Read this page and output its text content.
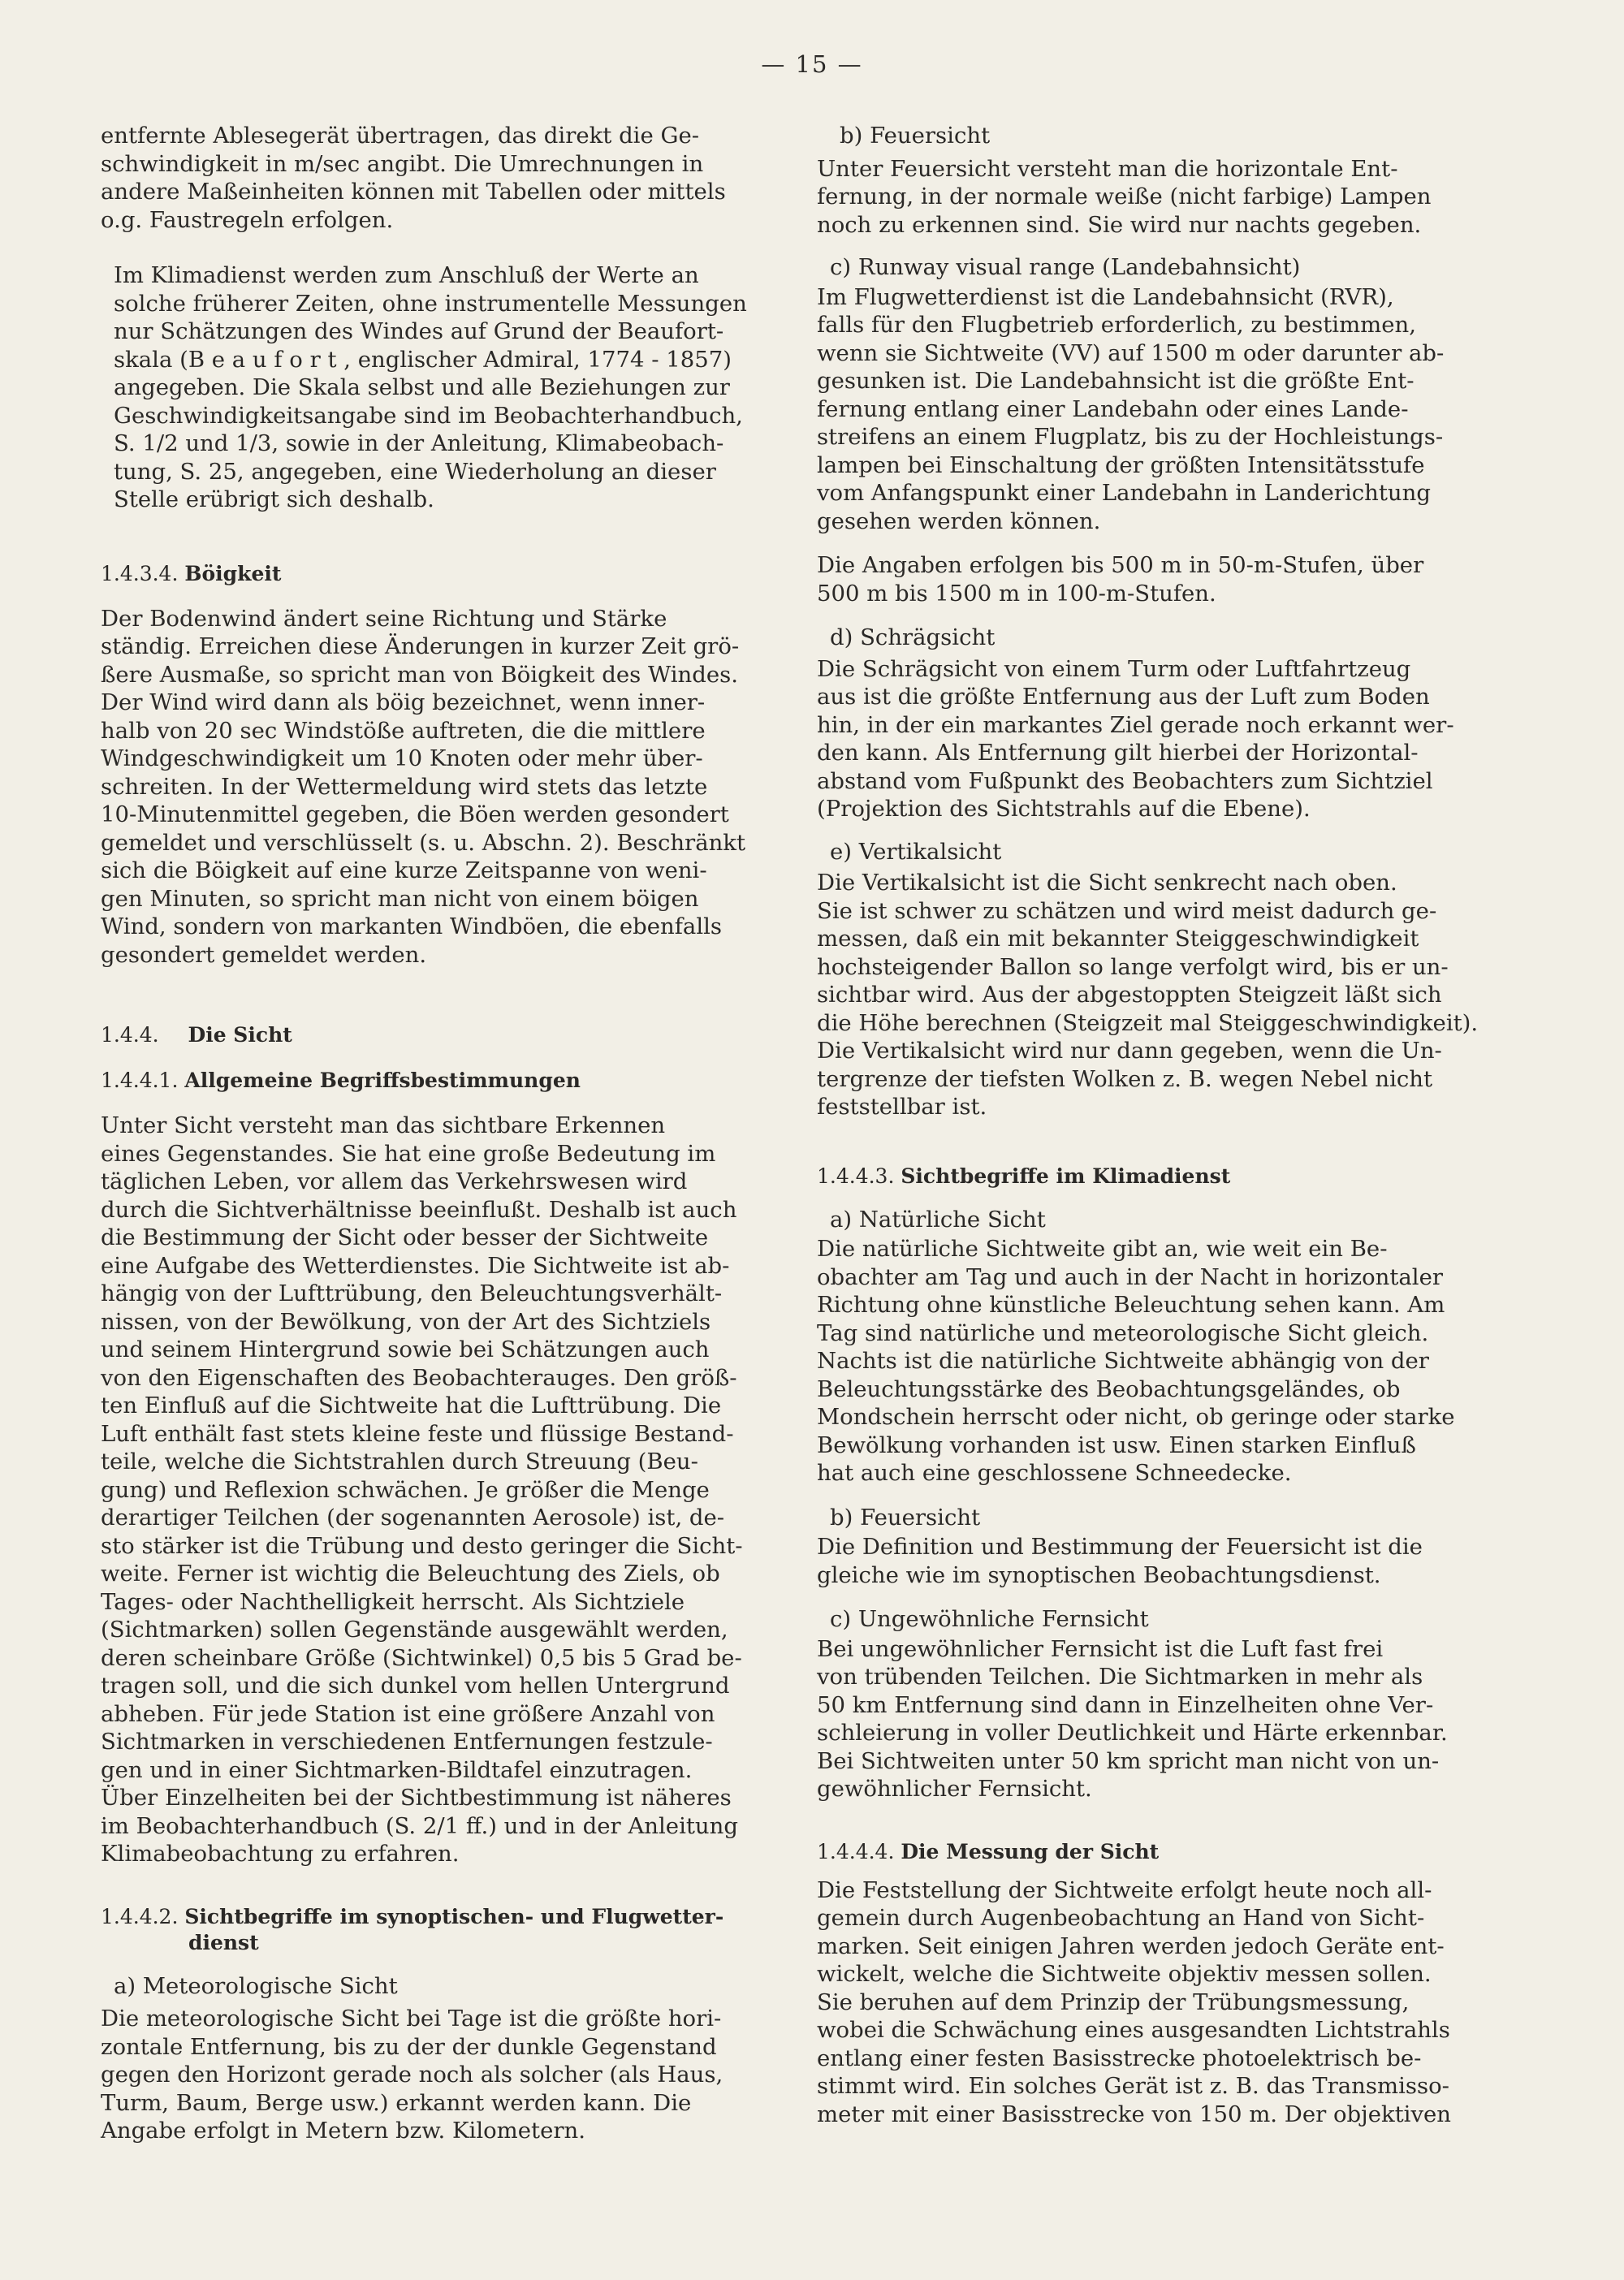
— 15 —

entfernte Ablesegerät übertragen, das direkt die Ge-
schwindigkeit in m/sec angibt. Die Umrechnungen in
andere Maßeinheiten können mit Tabellen oder mittels
o.g. Faustregeln erfolgen.

Im Klimadienst werden zum Anschluß der Werte an
solche früherer Zeiten, ohne instrumentelle Messungen
nur Schätzungen des Windes auf Grund der Beaufort-
skala (B e a u f o r t , englischer Admiral, 1774 - 1857)
angegeben. Die Skala selbst und alle Beziehungen zur
Geschwindigkeitsangabe sind im Beobachterhandbuch,
S. 1/2 und 1/3, sowie in der Anleitung, Klimabeobach-
tung, S. 25, angegeben, eine Wiederholung an dieser
Stelle erübrigt sich deshalb.

1.4.3.4. Böigkeit

Der Bodenwind ändert seine Richtung und Stärke
ständig. Erreichen diese Änderungen in kurzer Zeit grö-
ßere Ausmaße, so spricht man von Böigkeit des Windes.
Der Wind wird dann als böig bezeichnet, wenn inner-
halb von 20 sec Windstöße auftreten, die die mittlere
Windgeschwindigkeit um 10 Knoten oder mehr über-
schreiten. In der Wettermeldung wird stets das letzte
10-Minutenmittel gegeben, die Böen werden gesondert
gemeldet und verschlüsselt (s. u. Abschn. 2). Beschränkt
sich die Böigkeit auf eine kurze Zeitspanne von weni-
gen Minuten, so spricht man nicht von einem böigen
Wind, sondern von markanten Windböen, die ebenfalls
gesondert gemeldet werden.

1.4.4. Die Sicht
1.4.4.1. Allgemeine Begriffsbestimmungen

Unter Sicht versteht man das sichtbare Erkennen
eines Gegenstandes. Sie hat eine große Bedeutung im
täglichen Leben, vor allem das Verkehrswesen wird
durch die Sichtverhältnisse beeinflußt. Deshalb ist auch
die Bestimmung der Sicht oder besser der Sichtweite
eine Aufgabe des Wetterdienstes. Die Sichtweite ist ab-
hängig von der Lufttrübung, den Beleuchtungsverhält-
nissen, von der Bewölkung, von der Art des Sichtziels
und seinem Hintergrund sowie bei Schätzungen auch
von den Eigenschaften des Beobachterauges. Den größ-
ten Einfluß auf die Sichtweite hat die Lufttrübung. Die
Luft enthält fast stets kleine feste und flüssige Bestand-
teile, welche die Sichtstrahlen durch Streuung (Beu-
gung) und Reflexion schwächen. Je größer die Menge
derartiger Teilchen (der sogenannten Aerosole) ist, de-
sto stärker ist die Trübung und desto geringer die Sicht-
weite. Ferner ist wichtig die Beleuchtung des Ziels, ob
Tages- oder Nachthelligkeit herrscht. Als Sichtziele
(Sichtmarken) sollen Gegenstände ausgewählt werden,
deren scheinbare Größe (Sichtwinkel) 0,5 bis 5 Grad be-
tragen soll, und die sich dunkel vom hellen Untergrund
abheben. Für jede Station ist eine größere Anzahl von
Sichtmarken in verschiedenen Entfernungen festzule-
gen und in einer Sichtmarken-Bildtafel einzutragen.
Über Einzelheiten bei der Sichtbestimmung ist näheres
im Beobachterhandbuch (S. 2/1 ff.) und in der Anleitung
Klimabeobachtung zu erfahren.

1.4.4.2. Sichtbegriffe im synoptischen- und Flugwetter-
dienst
a) Meteorologische Sicht

Die meteorologische Sicht bei Tage ist die größte hori-
zontale Entfernung, bis zu der der dunkle Gegenstand
gegen den Horizont gerade noch als solcher (als Haus,
Turm, Baum, Berge usw.) erkannt werden kann. Die
Angabe erfolgt in Metern bzw. Kilometern.

b) Feuersicht

Unter Feuersicht versteht man die horizontale Ent-
fernung, in der normale weiße (nicht farbige) Lampen
noch zu erkennen sind. Sie wird nur nachts gegeben.

c) Runway visual range (Landebahnsicht)

Im Flugwetterdienst ist die Landebahnsicht (RVR),
falls für den Flugbetrieb erforderlich, zu bestimmen,
wenn sie Sichtweite (VV) auf 1500 m oder darunter ab-
gesunken ist. Die Landebahnsicht ist die größte Ent-
fernung entlang einer Landebahn oder eines Lande-
streifens an einem Flugplatz, bis zu der Hochleistungs-
lampen bei Einschaltung der größten Intensitätsstufe
vom Anfangspunkt einer Landebahn in Landerichtung
gesehen werden können.

Die Angaben erfolgen bis 500 m in 50-m-Stufen, über
500 m bis 1500 m in 100-m-Stufen.

d) Schrägsicht

Die Schrägsicht von einem Turm oder Luftfahrtzeug
aus ist die größte Entfernung aus der Luft zum Boden
hin, in der ein markantes Ziel gerade noch erkannt wer-
den kann. Als Entfernung gilt hierbei der Horizontal-
abstand vom Fußpunkt des Beobachters zum Sichtziel
(Projektion des Sichtstrahls auf die Ebene).

e) Vertikalsicht

Die Vertikalsicht ist die Sicht senkrecht nach oben.
Sie ist schwer zu schätzen und wird meist dadurch ge-
messen, daß ein mit bekannter Steiggeschwindigkeit
hochsteigender Ballon so lange verfolgt wird, bis er un-
sichtbar wird. Aus der abgestoppten Steigzeit läßt sich
die Höhe berechnen (Steigzeit mal Steiggeschwindigkeit).
Die Vertikalsicht wird nur dann gegeben, wenn die Un-
tergrenze der tiefsten Wolken z. B. wegen Nebel nicht
feststellbar ist.

1.4.4.3. Sichtbegriffe im Klimadienst
a) Natürliche Sicht

Die natürliche Sichtweite gibt an, wie weit ein Be-
obachter am Tag und auch in der Nacht in horizontaler
Richtung ohne künstliche Beleuchtung sehen kann. Am
Tag sind natürliche und meteorologische Sicht gleich.
Nachts ist die natürliche Sichtweite abhängig von der
Beleuchtungsstärke des Beobachtungsgeländes, ob
Mondschein herrscht oder nicht, ob geringe oder starke
Bewölkung vorhanden ist usw. Einen starken Einfluß
hat auch eine geschlossene Schneedecke.

b) Feuersicht

Die Definition und Bestimmung der Feuersicht ist die
gleiche wie im synoptischen Beobachtungsdienst.

c) Ungewöhnliche Fernsicht

Bei ungewöhnlicher Fernsicht ist die Luft fast frei
von trübenden Teilchen. Die Sichtmarken in mehr als
50 km Entfernung sind dann in Einzelheiten ohne Ver-
schleierung in voller Deutlichkeit und Härte erkennbar.
Bei Sichtweiten unter 50 km spricht man nicht von un-
gewöhnlicher Fernsicht.

1.4.4.4. Die Messung der Sicht

Die Feststellung der Sichtweite erfolgt heute noch all-
gemein durch Augenbeobachtung an Hand von Sicht-
marken. Seit einigen Jahren werden jedoch Geräte ent-
wickelt, welche die Sichtweite objektiv messen sollen.
Sie beruhen auf dem Prinzip der Trübungsmessung,
wobei die Schwächung eines ausgesandten Lichtstrahls
entlang einer festen Basisstrecke photoelektrisch be-
stimmt wird. Ein solches Gerät ist z. B. das Transmisso-
meter mit einer Basisstrecke von 150 m. Der objektiven
